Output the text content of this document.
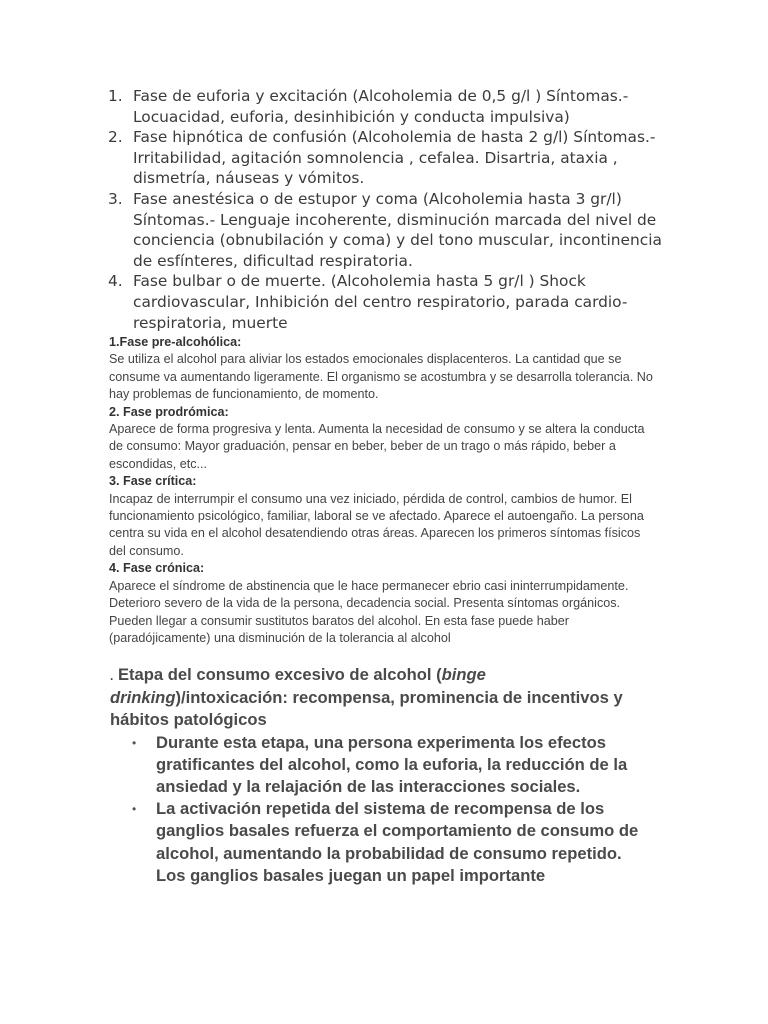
1. Fase de euforia y excitación (Alcoholemia de 0,5 g/l ) Síntomas.- Locuacidad, euforia, desinhibición y conducta impulsiva)
2. Fase hipnótica de confusión (Alcoholemia de hasta 2 g/l) Síntomas.- Irritabilidad, agitación somnolencia , cefalea. Disartria, ataxia , dismetría, náuseas y vómitos.
3. Fase anestésica o de estupor y coma (Alcoholemia hasta 3 gr/l) Síntomas.- Lenguaje incoherente, disminución marcada del nivel de conciencia (obnubilación y coma) y del tono muscular, incontinencia de esfínteres, dificultad respiratoria.
4. Fase bulbar o de muerte. (Alcoholemia hasta 5 gr/l ) Shock cardiovascular, Inhibición del centro respiratorio, parada cardio-respiratoria, muerte

1.Fase pre-alcohólica:

Se utiliza el alcohol para aliviar los estados emocionales displacenteros. La cantidad que se consume va aumentando ligeramente. El organismo se acostumbra y se desarrolla tolerancia. No hay problemas de funcionamiento, de momento.

2. Fase prodrómica:

Aparece de forma progresiva y lenta. Aumenta la necesidad de consumo y se altera la conducta de consumo: Mayor graduación, pensar en beber, beber de un trago o más rápido, beber a escondidas, etc...

3. Fase crítica:

Incapaz de interrumpir el consumo una vez iniciado, pérdida de control, cambios de humor. El funcionamiento psicológico, familiar, laboral se ve afectado. Aparece el autoengaño. La persona centra su vida en el alcohol desatendiendo otras áreas. Aparecen los primeros síntomas físicos del consumo.

4. Fase crónica:

Aparece el síndrome de abstinencia que le hace permanecer ebrio casi ininterrumpidamente. Deterioro severo de la vida de la persona, decadencia social. Presenta síntomas orgánicos. Pueden llegar a consumir sustitutos baratos del alcohol. En esta fase puede haber (paradójicamente) una disminución de la tolerancia al alcohol

. Etapa del consumo excesivo de alcohol (binge drinking)/intoxicación: recompensa, prominencia de incentivos y hábitos patológicos

• Durante esta etapa, una persona experimenta los efectos gratificantes del alcohol, como la euforia, la reducción de la ansiedad y la relajación de las interacciones sociales.
• La activación repetida del sistema de recompensa de los ganglios basales refuerza el comportamiento de consumo de alcohol, aumentando la probabilidad de consumo repetido. Los ganglios basales juegan un papel importante
